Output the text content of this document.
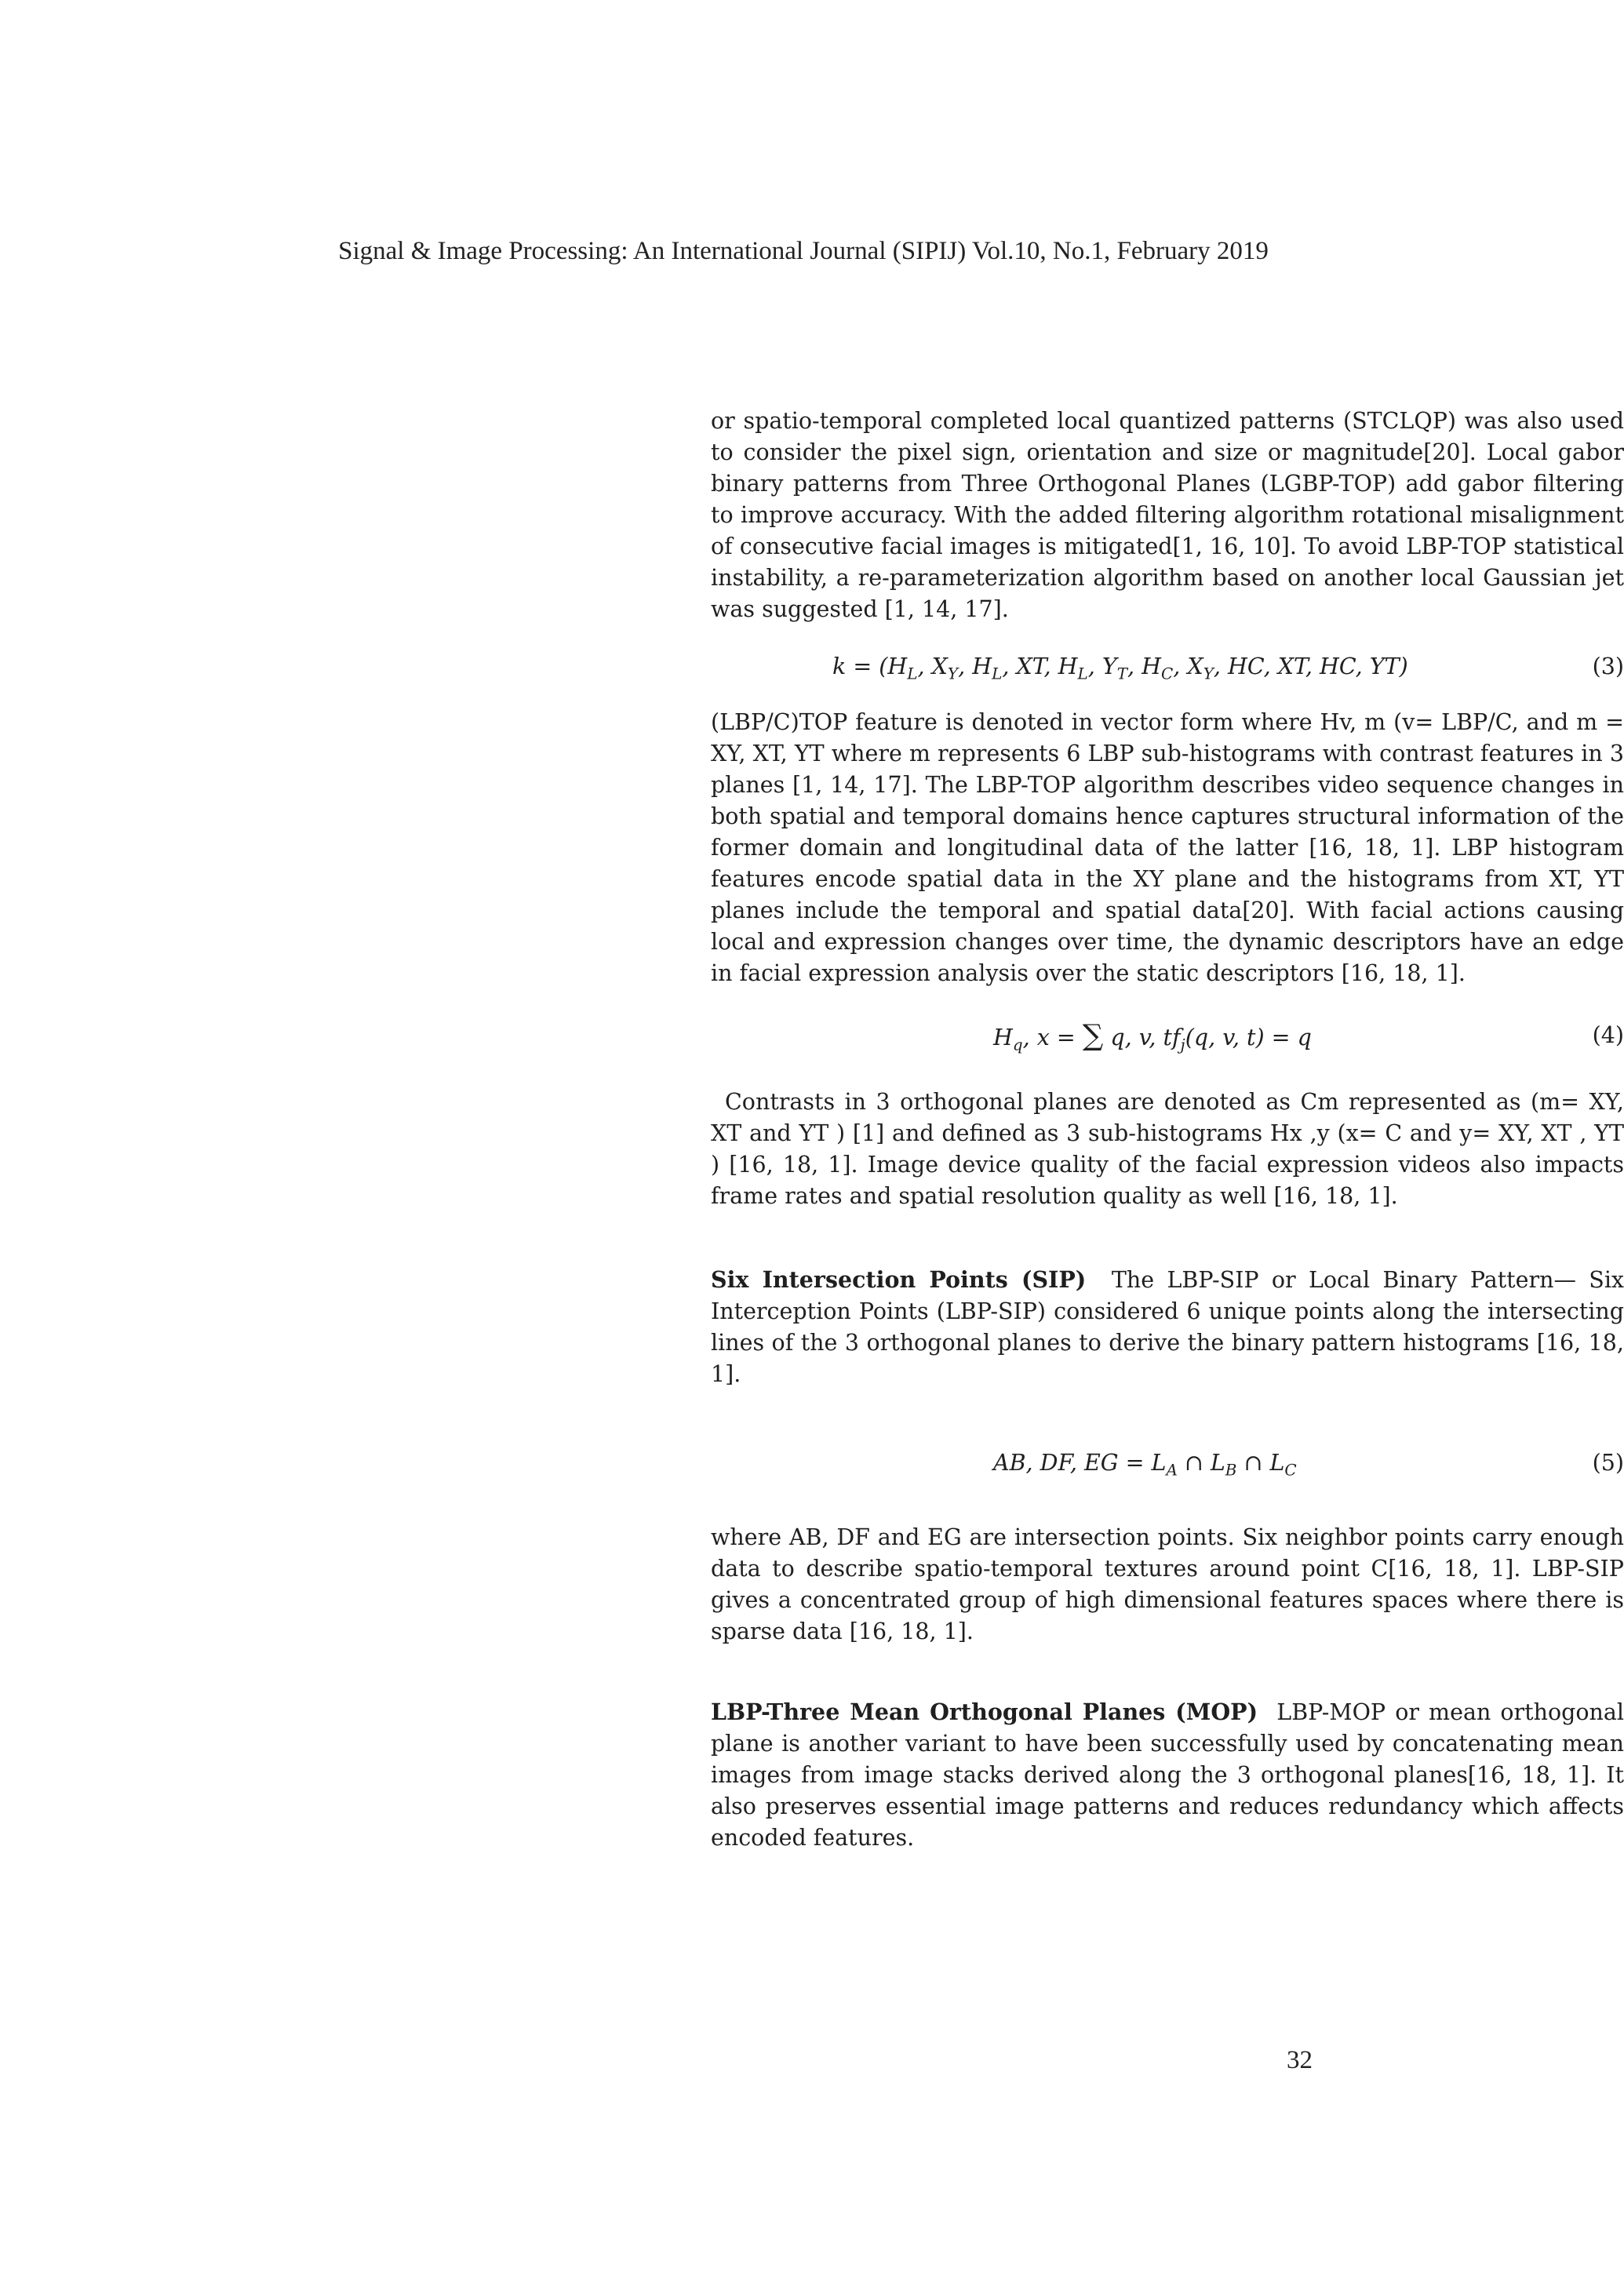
Signal & Image Processing: An International Journal (SIPIJ) Vol.10, No.1, February 2019

or spatio-temporal completed local quantized patterns (STCLQP) was also used to consider the pixel sign, orientation and size or magnitude[20]. Local gabor binary patterns from Three Orthogonal Planes (LGBP-TOP) add gabor filtering to improve accuracy. With the added filtering algorithm rotational misalignment of consecutive facial images is mitigated[1, 16, 10]. To avoid LBP-TOP statistical instability, a re-parameterization algorithm based on another local Gaussian jet was suggested [1, 14, 17].

$k = (H_L$, $X_Y$, $H_L$, XT, $H_L$, $Y_T$, $H_C$, $X_Y$, HC, XT, HC, YT)	(3)

(LBP/C)TOP feature is denoted in vector form where Hv, m (v= LBP/C, and m = XY, XT, YT where m represents 6 LBP sub-histograms with contrast features in 3 planes [1, 14, 17]. The LBP-TOP algorithm describes video sequence changes in both spatial and temporal domains hence captures structural information of the former domain and longitudinal data of the latter [16, 18, 1]. LBP histogram features encode spatial data in the XY plane and the histograms from XT, YT planes include the temporal and spatial data[20]. With facial actions causing local and expression changes over time, the dynamic descriptors have an edge in facial expression analysis over the static descriptors [16, 18, 1].

$H_q$, x = ∑ q, v, $tf_j(q$, v, t) = q	(4)

Contrasts in 3 orthogonal planes are denoted as Cm represented as (m= XY, XT and YT ) [1] and defined as 3 sub-histograms Hx ,y (x= C and y= XY, XT , YT ) [16, 18, 1]. Image device quality of the facial expression videos also impacts frame rates and spatial resolution quality as well [16, 18, 1].

Six Intersection Points (SIP) The LBP-SIP or Local Binary Pattern— Six Interception Points (LBP-SIP) considered 6 unique points along the intersecting lines of the 3 orthogonal planes to derive the binary pattern histograms [16, 18, 1].

AB, DF, EG = $L_A$ ∩ $L_B$ ∩ $L_C$	(5)

where AB, DF and EG are intersection points. Six neighbor points carry enough data to describe spatio-temporal textures around point C[16, 18, 1]. LBP-SIP gives a concentrated group of high dimensional features spaces where there is sparse data [16, 18, 1].

LBP-Three Mean Orthogonal Planes (MOP) LBP-MOP or mean orthogonal plane is another variant to have been successfully used by concatenating mean images from image stacks derived along the 3 orthogonal planes[16, 18, 1]. It also preserves essential image patterns and reduces redundancy which affects encoded features.

32
